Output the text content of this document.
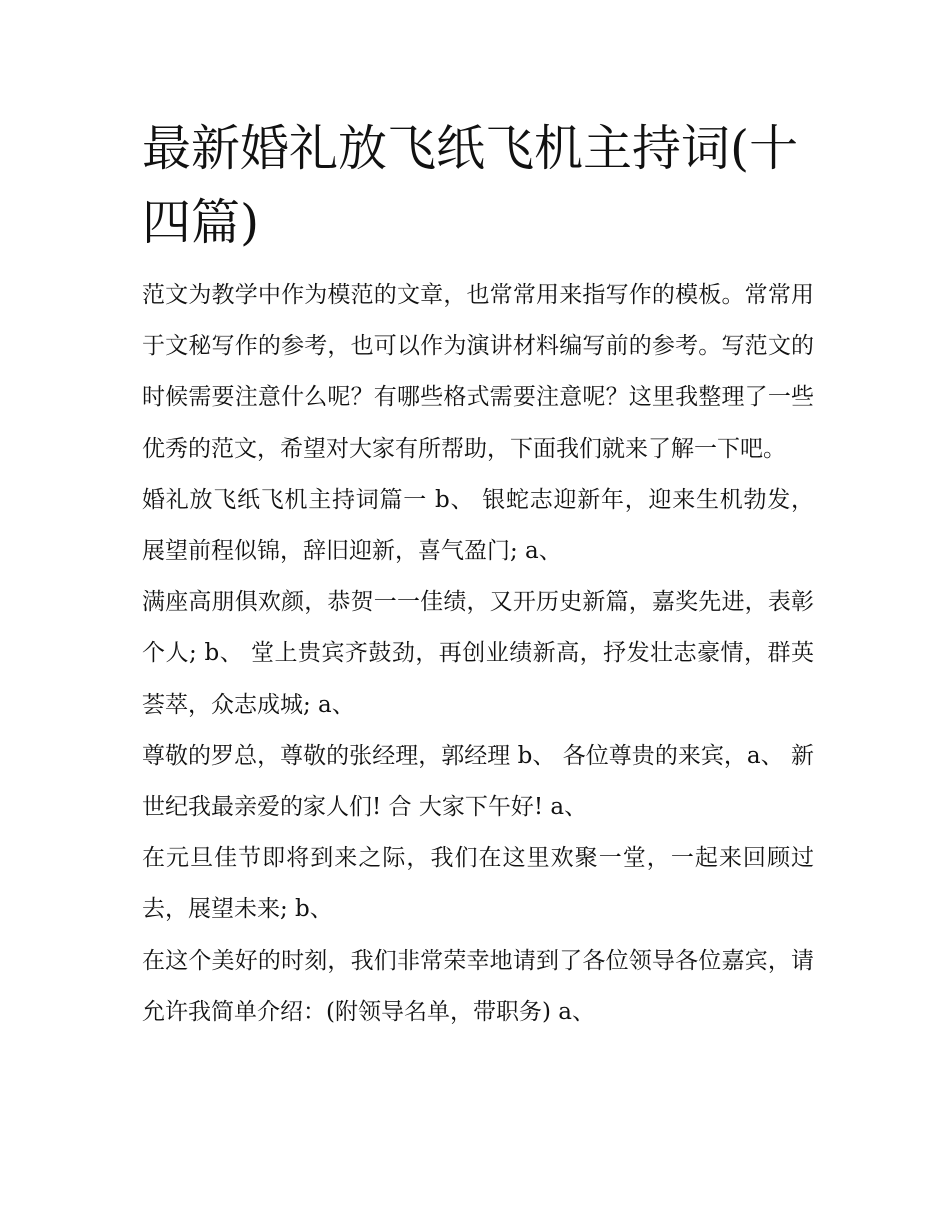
最新婚礼放飞纸飞机主持词(十四篇)

范文为教学中作为模范的文章，也常常用来指写作的模板。常常用于文秘写作的参考，也可以作为演讲材料编写前的参考。写范文的时候需要注意什么呢？有哪些格式需要注意呢？这里我整理了一些优秀的范文，希望对大家有所帮助，下面我们就来了解一下吧。

婚礼放飞纸飞机主持词篇一 b、 银蛇志迎新年，迎来生机勃发，展望前程似锦，辞旧迎新，喜气盈门; a、

满座高朋俱欢颜，恭贺一一佳绩，又开历史新篇，嘉奖先进，表彰个人; b、 堂上贵宾齐鼓劲，再创业绩新高，抒发壮志豪情，群英荟萃，众志成城; a、

尊敬的罗总，尊敬的张经理，郭经理 b、 各位尊贵的来宾，a、 新世纪我最亲爱的家人们! 合 大家下午好! a、

在元旦佳节即将到来之际，我们在这里欢聚一堂，一起来回顾过去，展望未来; b、

在这个美好的时刻，我们非常荣幸地请到了各位领导各位嘉宾，请允许我简单介绍：(附领导名单，带职务) a、
